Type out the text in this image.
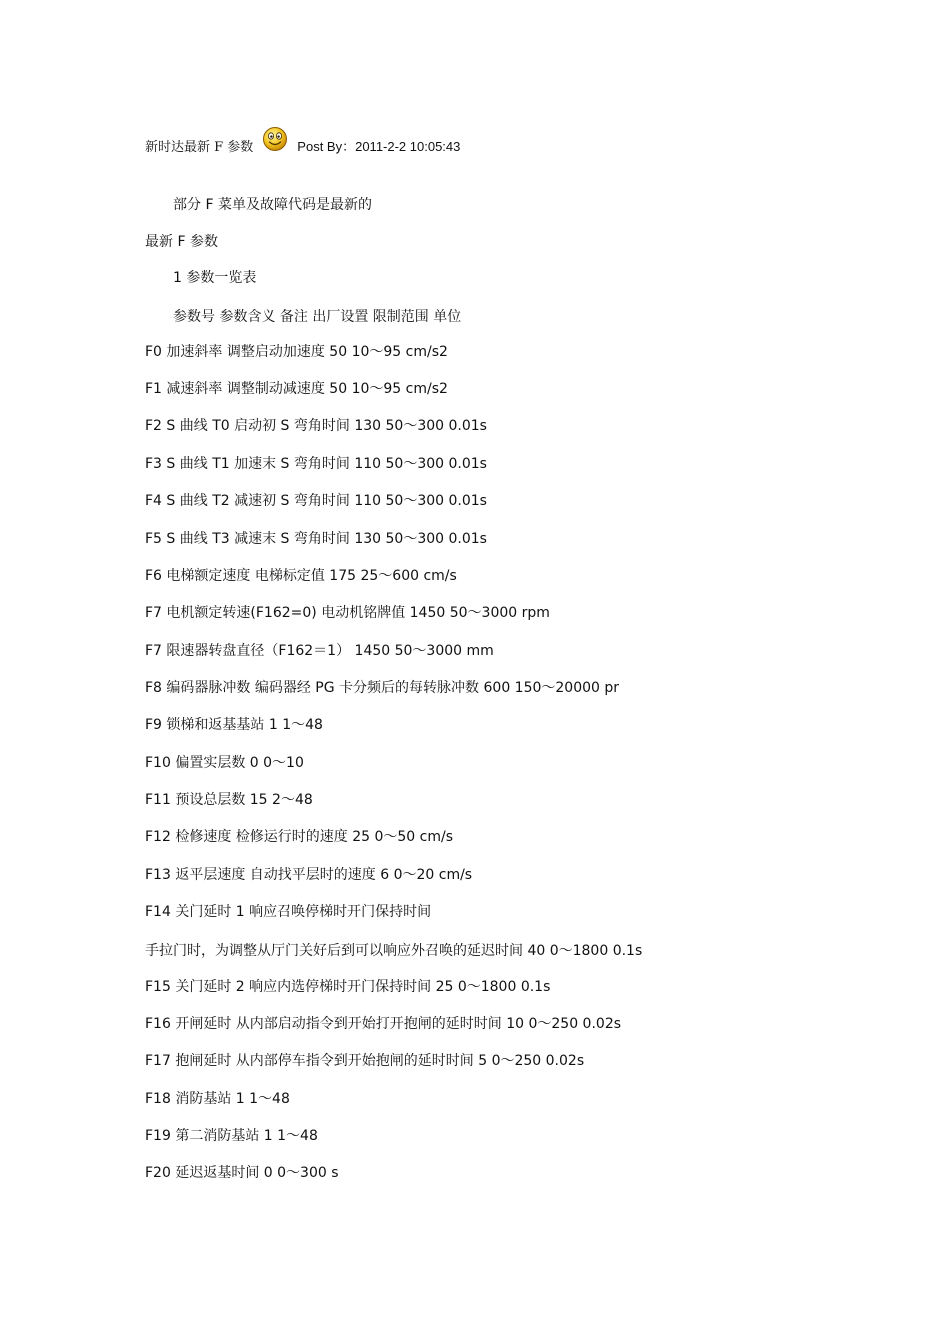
新时达最新 F 参数	Post By：2011-2-2 10:05:43
部分 F 菜单及故障代码是最新的
最新 F 参数
1 参数一览表
参数号 参数含义 备注 出厂设置 限制范围 单位
F0 加速斜率 调整启动加速度 50 10～95 cm/s2
F1 减速斜率 调整制动减速度 50 10～95 cm/s2
F2 S 曲线 T0 启动初 S 弯角时间 130 50～300 0.01s
F3 S 曲线 T1 加速末 S 弯角时间 110 50～300 0.01s
F4 S 曲线 T2 减速初 S 弯角时间 110 50～300 0.01s
F5 S 曲线 T3 减速末 S 弯角时间 130 50～300 0.01s
F6 电梯额定速度 电梯标定值 175 25～600 cm/s
F7 电机额定转速(F162=0) 电动机铭牌值 1450 50～3000 rpm
F7 限速器转盘直径（F162＝1） 1450 50～3000 mm
F8 编码器脉冲数 编码器经 PG 卡分频后的每转脉冲数 600 150～20000 pr
F9 锁梯和返基基站 1 1～48
F10 偏置实层数 0 0～10
F11 预设总层数 15 2～48
F12 检修速度 检修运行时的速度 25 0～50 cm/s
F13 返平层速度 自动找平层时的速度 6 0～20 cm/s
F14 关门延时 1 响应召唤停梯时开门保持时间
手拉门时，为调整从厅门关好后到可以响应外召唤的延迟时间 40 0～1800 0.1s
F15 关门延时 2 响应内选停梯时开门保持时间 25 0～1800 0.1s
F16 开闸延时 从内部启动指令到开始打开抱闸的延时时间 10 0～250 0.02s
F17 抱闸延时 从内部停车指令到开始抱闸的延时时间 5 0～250 0.02s
F18 消防基站 1 1～48
F19 第二消防基站 1 1～48
F20 延迟返基时间 0 0～300 s
